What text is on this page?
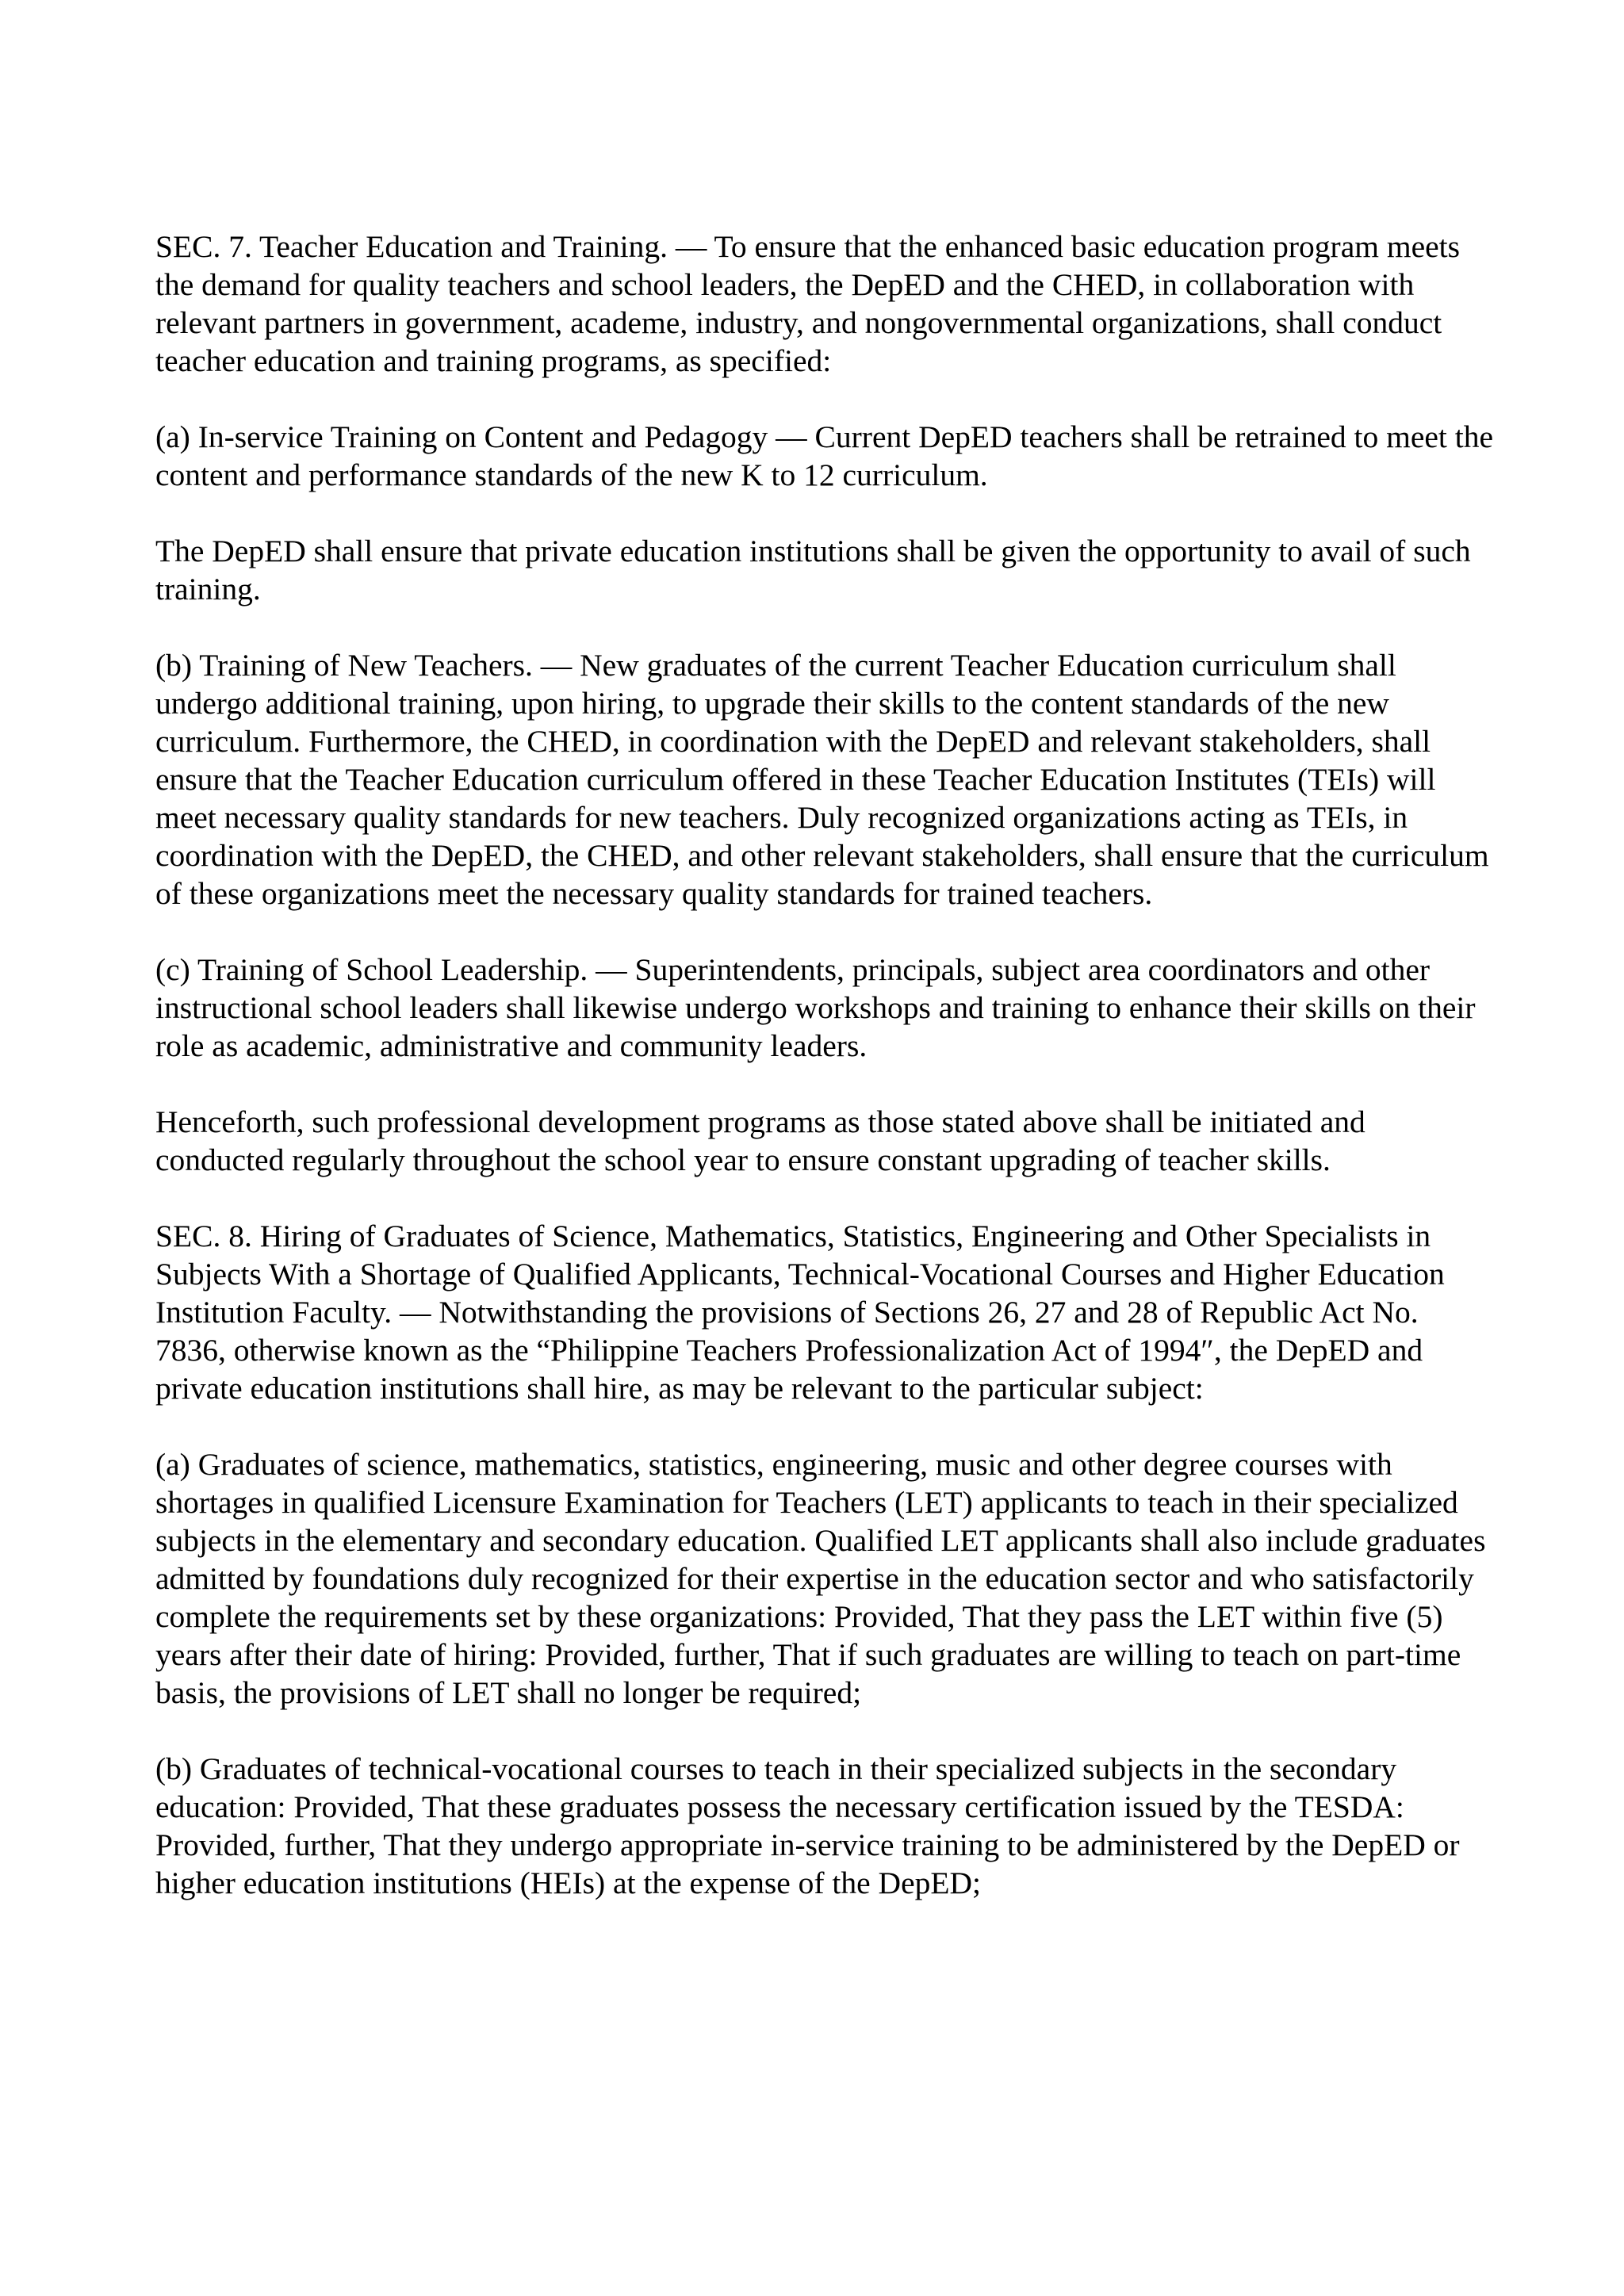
SEC. 7. Teacher Education and Training. — To ensure that the enhanced basic education program meets the demand for quality teachers and school leaders, the DepED and the CHED, in collaboration with relevant partners in government, academe, industry, and nongovernmental organizations, shall conduct teacher education and training programs, as specified:

(a) In-service Training on Content and Pedagogy — Current DepED teachers shall be retrained to meet the content and performance standards of the new K to 12 curriculum.

The DepED shall ensure that private education institutions shall be given the opportunity to avail of such training.

(b) Training of New Teachers. — New graduates of the current Teacher Education curriculum shall undergo additional training, upon hiring, to upgrade their skills to the content standards of the new curriculum. Furthermore, the CHED, in coordination with the DepED and relevant stakeholders, shall ensure that the Teacher Education curriculum offered in these Teacher Education Institutes (TEIs) will meet necessary quality standards for new teachers. Duly recognized organizations acting as TEIs, in coordination with the DepED, the CHED, and other relevant stakeholders, shall ensure that the curriculum of these organizations meet the necessary quality standards for trained teachers.

(c) Training of School Leadership. — Superintendents, principals, subject area coordinators and other instructional school leaders shall likewise undergo workshops and training to enhance their skills on their role as academic, administrative and community leaders.

Henceforth, such professional development programs as those stated above shall be initiated and conducted regularly throughout the school year to ensure constant upgrading of teacher skills.

SEC. 8. Hiring of Graduates of Science, Mathematics, Statistics, Engineering and Other Specialists in Subjects With a Shortage of Qualified Applicants, Technical-Vocational Courses and Higher Education Institution Faculty. — Notwithstanding the provisions of Sections 26, 27 and 28 of Republic Act No. 7836, otherwise known as the “Philippine Teachers Professionalization Act of 1994″, the DepED and private education institutions shall hire, as may be relevant to the particular subject:

(a) Graduates of science, mathematics, statistics, engineering, music and other degree courses with shortages in qualified Licensure Examination for Teachers (LET) applicants to teach in their specialized subjects in the elementary and secondary education. Qualified LET applicants shall also include graduates admitted by foundations duly recognized for their expertise in the education sector and who satisfactorily complete the requirements set by these organizations: Provided, That they pass the LET within five (5) years after their date of hiring: Provided, further, That if such graduates are willing to teach on part-time basis, the provisions of LET shall no longer be required;

(b) Graduates of technical-vocational courses to teach in their specialized subjects in the secondary education: Provided, That these graduates possess the necessary certification issued by the TESDA: Provided, further, That they undergo appropriate in-service training to be administered by the DepED or higher education institutions (HEIs) at the expense of the DepED;
